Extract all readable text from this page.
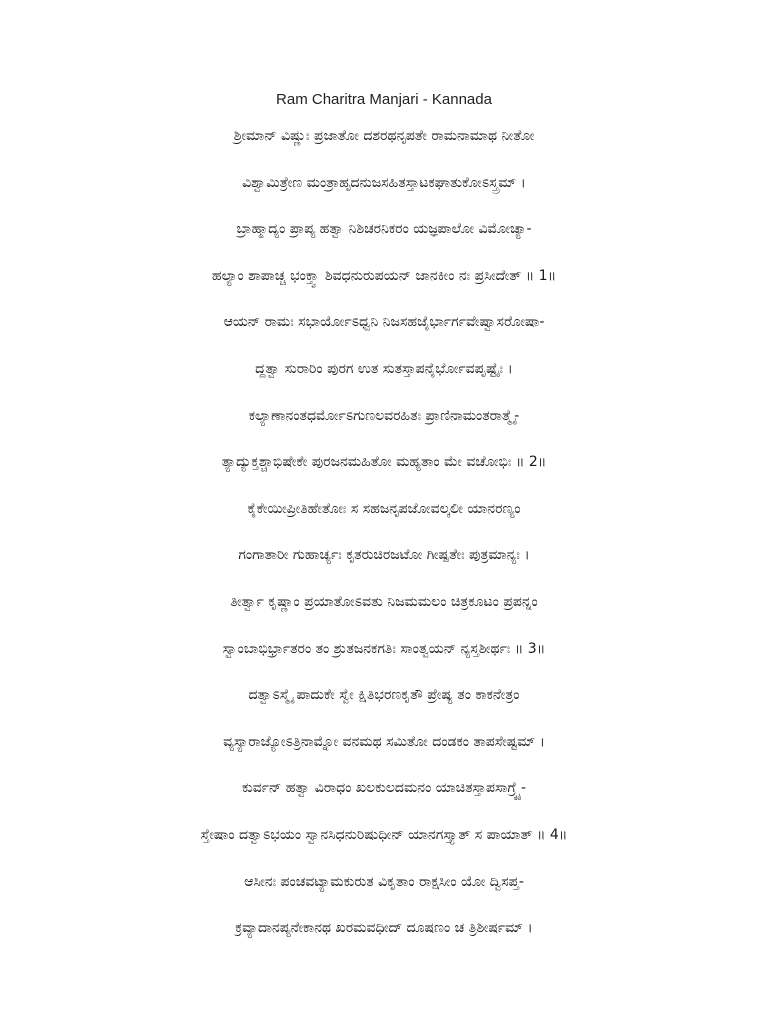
Ram Charitra Manjari - Kannada
ಶ್ರೀಮಾನ್ ವಿಷ್ಣುಃ ಪ್ರಜಾತೋ ದಶರಥನೃಪತೇ ರಾಮನಾಮಾಥ ನೀತೋ
ವಿಶ್ವಾಮಿತ್ರೇಣ ಮಂತ್ರಾಹೃದನುಜಸಹಿತಸ್ತಾಟಕಘಾತುಕೋಽಸ್ತ್ರಮ್ ।
ಬ್ರಾಹ್ಮಾದ್ಯಂ ಪ್ರಾಪ್ಯ ಹತ್ವಾ ನಿಶಿಚರನಿಕರಂ ಯಜ್ಞಪಾಲೋ ವಿಮೋಚ್ಯಾ-
ಹಲ್ಯಾಂ ಶಾಪಾಚ್ಚ ಭಂಕ್ತ್ವಾ ಶಿವಧನುರುಪಯನ್ ಜಾನಕೀಂ ನಃ ಪ್ರಸೀದೇತ್ ॥ 1॥
ಆಯನ್ ರಾಮಃ ಸಭಾರ್ಯೋಽಧ್ವನಿ ನಿಜಸಹಜೈರ್ಭಾರ್ಗವೇಷ್ವಾಸರೋಷಾ-
ದ್ದತ್ವಾ ಸುರಾರಿಂ ಪುರಗ ಉತ ಸುತಸ್ತಾಪನೈರ್ಭೋವಪೃಷ್ಟೈಃ ।
ಕಲ್ಯಾಣಾನಂತಧರ್ಮೋಽಗುಣಲವರಹಿತಃ ಪ್ರಾಣಿನಾಮಂತರಾತ್ಮೈ-
ತ್ಯಾದ್ಯುಕ್ತಶ್ಚಾಭಿಷೇಕೇ ಪುರಜನಮಹಿತೋ ಮಹ್ಯತಾಂ ಮೇ ವಚೋಭಿಃ ॥ 2॥
ಕೈಕೇಯೀಪ್ರೀತಿಹೇತೋಃ ಸ ಸಹಜನೃಪಜೋವಲ್ಕಲೀ ಯಾನರಣ್ಯಂ
ಗಂಗಾತಾರೀ ಗುಹಾರ್ಚ್ಯಃ ಕೃತರುಚಿರಜಟೋ ಗೀಷ್ಪತೇಃ ಪುತ್ರಮಾನ್ಯಃ ।
ತೀರ್ತ್ವಾ ಕೃಷ್ಣಾಂ ಪ್ರಯಾತೋಽವತು ನಿಜಮಮಲಂ ಚಿತ್ರಕೂಟಂ ಪ್ರಪನ್ನಂ
ಸ್ವಾಂಬಾಭಿರ್ಭ್ರಾತರಂ ತಂ ಶ್ರುತಜನಕಗತಿಃ ಸಾಂತ್ವಯನ್ ನ್ಯಸ್ತಶೀರ್ಥಃ ॥ 3॥
ದತ್ವಾಽಸ್ಮೈ ಪಾದುಕೇ ಸ್ವೇ ಕ್ಷಿತಿಭರಣಕೃತೌ ಪ್ರೇಷ್ಯ ತಂ ಕಾಕನೇತ್ರಂ
ವ್ಯಸ್ಯಾರಾಜ್ಯೋಽತ್ರಿನಾಮ್ನೋ ವನಮಥ ಸಮಿತೋ ದಂಡಕಂ ತಾಪಸೇಷ್ಟಮ್ ।
ಕುರ್ವನ್ ಹತ್ವಾ ವಿರಾಧಂ ಖಲಕುಲದಮನಂ ಯಾಚಿತಸ್ತಾಪಸಾಗ್ರ್ಯೈ-
ಸ್ತೇಷಾಂ ದತ್ವಾಽಭಯಂ ಸ್ವಾನಸಿಧನುರಿಷುಧೀನ್ ಯಾನಗಸ್ತ್ಯಾತ್ ಸ ಪಾಯಾತ್ ॥ 4॥
ಆಸೀನಃ ಪಂಚವಟ್ಯಾಮಕುರುತ ವಿಕೃತಾಂ ರಾಕ್ಷಸೀಂ ಯೋ ದ್ವಿಸಪ್ತ-
ಕ್ರವ್ಯಾದಾನಪ್ಯನೇಕಾನಥ ಖರಮವಧೀದ್ ದೂಷಣಂ ಚ ತ್ರಿಶೀರ್ಷಮ್ ।
